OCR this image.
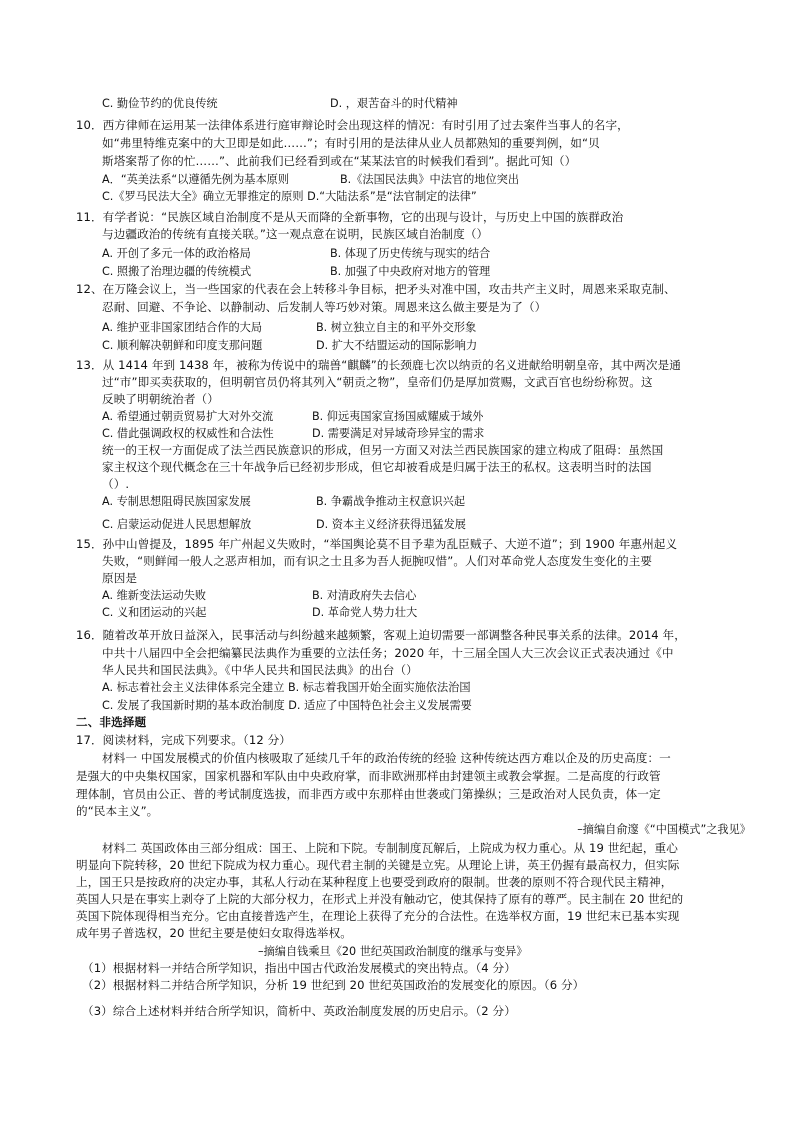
C. 勤俭节约的优良传统	D. ，艰苦奋斗的时代精神
10．西方律师在运用某一法律体系进行庭审辩论时会出现这样的情况：有时引用了过去案件当事人的名字，
如“弗里特维克案中的大卫即是如此……”；有时引用的是法律从业人员都熟知的重要判例，如“贝
斯塔案帮了你的忙……”、此前我们已经看到或在“某某法官的时候我们看到”。据此可知（）
A．“英美法系“以遵循先例为基本原则	B.《法国民法典》中法官的地位突出
C.《罗马民法大全》确立无罪推定的原则 D.“大陆法系”是“法官制定的法律”
11．有学者说：“民族区域自治制度不是从天而降的全新事物，它的出现与设计，与历史上中国的族群政治
与边疆政治的传统有直接关联。”这一观点意在说明，民族区域自治制度（）
A. 开创了多元一体的政治格局	B. 体现了历史传统与现实的结合
C. 照搬了治理边疆的传统模式	B. 加强了中央政府对地方的管理
12、在万隆会议上，当一些国家的代表在会上转移斗争目标，把矛头对准中国，攻击共产主义时，周恩来采取克制、
忍耐、回避、不争论、以静制动、后发制人等巧妙对策。周恩来这么做主要是为了（）
A. 维护亚非国家团结合作的大局	B. 树立独立自主的和平外交形象
C. 顺利解决朝鲜和印度支那问题	D. 扩大不结盟运动的国际影响力
13．从 1414 年到 1438 年，被称为传说中的瑞兽“麒麟”的长颈鹿七次以纳贡的名义进献给明朝皇帝，其中两次是通
过“市”即买卖获取的，但明朝官员仍将其列入“朝贡之物”，皇帝们仍是厚加赏赐，文武百官也纷纷称贺。这
反映了明朝统治者（）
A. 希望通过朝贡贸易扩大对外交流	B. 仰远夷国家宣扬国威耀威于域外
C. 借此强调政权的权威性和合法性	D. 需要满足对异域奇珍异宝的需求
统一的王权一方面促成了法兰西民族意识的形成，但另一方面又对法兰西民族国家的建立构成了阻碍：虽然国
家主权这个现代概念在三十年战争后已经初步形成，但它却被看成是归属于法王的私权。这表明当时的法国
（）.
A. 专制思想阻碍民族国家发展	B. 争霸战争推动主权意识兴起
C. 启蒙运动促进人民思想解放	D. 资本主义经济获得迅猛发展
15．孙中山曾提及，1895 年广州起义失败时，“举国舆论莫不目予辈为乱臣贼子、大逆不道”；到 1900 年惠州起义
失败，“则鲜闻一般人之恶声相加，而有识之士且多为吾人扼腕叹惜”。人们对革命党人态度发生变化的主要
原因是
A. 维新变法运动失败	B. 对清政府失去信心
C. 义和团运动的兴起	D. 革命党人势力壮大
16．随着改革开放日益深入，民事活动与纠纷越来越频繁，客观上迫切需要一部调整各种民事关系的法律。2014 年，
中共十八届四中全会把编纂民法典作为重要的立法任务；2020 年，十三届全国人大三次会议正式表决通过《中
华人民共和国民法典》。《中华人民共和国民法典》的出台（）
A. 标志着社会主义法律体系完全建立 B. 标志着我国开始全面实施依法治国
C. 发展了我国新时期的基本政治制度 D. 适应了中国特色社会主义发展需要
二、非选择题
17．阅读材料，完成下列要求。（12 分）
材料一 中国发展模式的价值内核吸取了延续几千年的政治传统的经验 这种传统达西方难以企及的历史高度：一
是强大的中央集权国家，国家机器和军队由中央政府掌，而非欧洲那样由封建领主或教会掌握。二是高度的行政管
理体制，官员由公正、普的考试制度选拔，而非西方或中东那样由世袭或门第操纵；三是政治对人民负责，体一定
的“民本主义”。
–摘编自俞邃《“中国模式”之我见》
材料二 英国政体由三部分组成：国王、上院和下院。专制制度瓦解后，上院成为权力重心。从 19 世纪起，重心
明显向下院转移，20 世纪下院成为权力重心。现代君主制的关键是立宪。从理论上讲，英王仍握有最高权力，但实际
上，国王只是按政府的决定办事，其私人行动在某种程度上也要受到政府的限制。世袭的原则不符合现代民主精神，
英国人只是在事实上剥夺了上院的大部分权力，在形式上并没有触动它，使其保持了原有的尊严。民主制在 20 世纪的
英国下院体现得相当充分。它由直接普选产生，在理论上获得了充分的合法性。在选举权方面，19 世纪末已基本实现
成年男子普选权，20 世纪主要是使妇女取得选举权。
–摘编自钱乘旦《20 世纪英国政治制度的继承与变异》
（1）根据材料一并结合所学知识，指出中国古代政治发展模式的突出特点。（4 分）
（2）根据材料二并结合所学知识，分析 19 世纪到 20 世纪英国政治的发展变化的原因。（6 分）
（3）综合上述材料并结合所学知识，简析中、英政治制度发展的历史启示。（2 分）
